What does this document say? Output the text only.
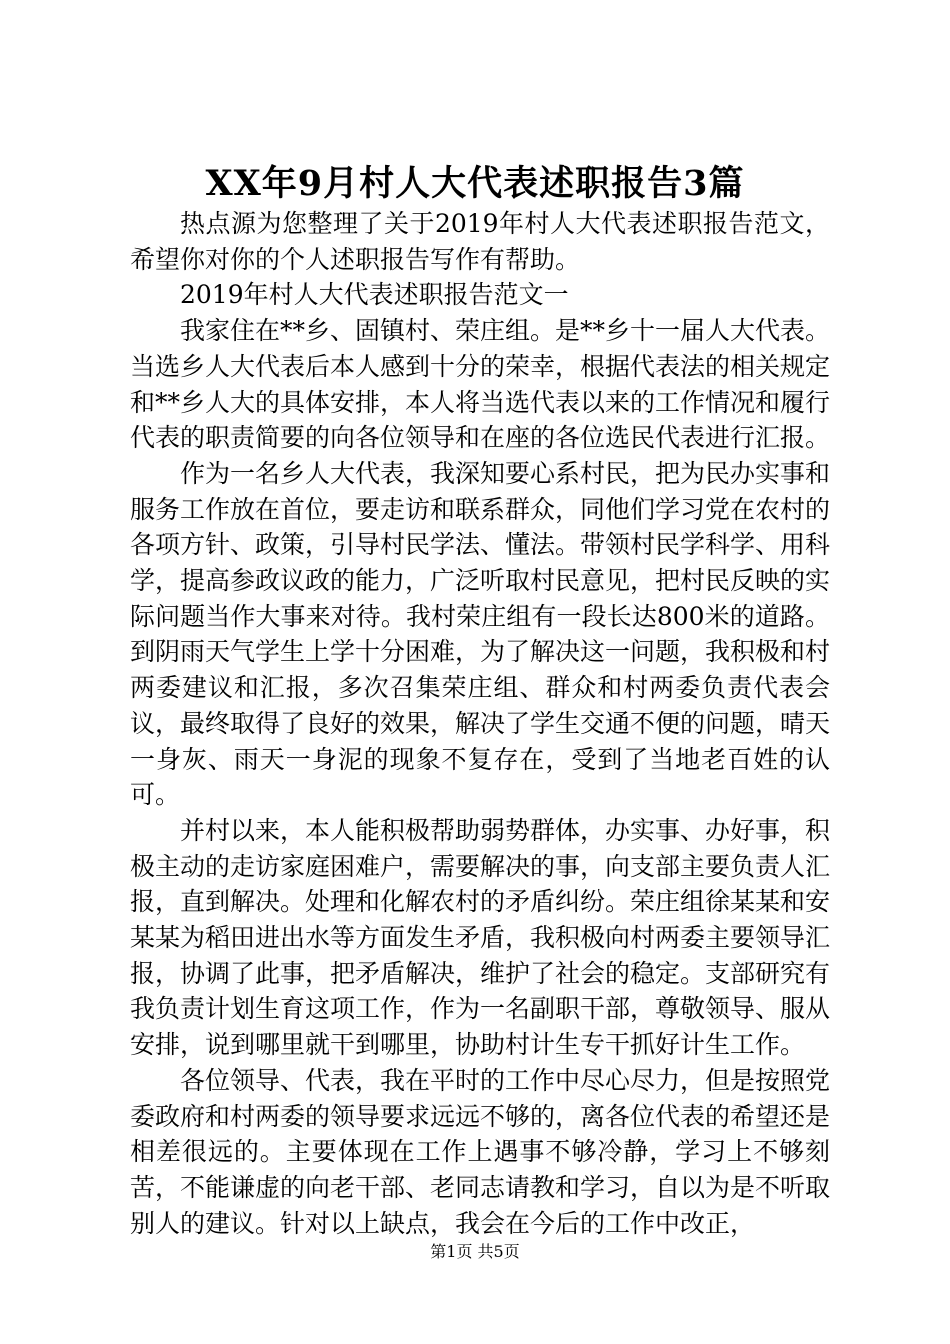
XX年9月村人大代表述职报告3篇

热点源为您整理了关于2019年村人大代表述职报告范文，希望你对你的个人述职报告写作有帮助。

2019年村人大代表述职报告范文一

我家住在**乡、固镇村、荣庄组。是**乡十一届人大代表。当选乡人大代表后本人感到十分的荣幸，根据代表法的相关规定和**乡人大的具体安排，本人将当选代表以来的工作情况和履行代表的职责简要的向各位领导和在座的各位选民代表进行汇报。

作为一名乡人大代表，我深知要心系村民，把为民办实事和服务工作放在首位，要走访和联系群众，同他们学习党在农村的各项方针、政策，引导村民学法、懂法。带领村民学科学、用科学，提高参政议政的能力，广泛听取村民意见，把村民反映的实际问题当作大事来对待。我村荣庄组有一段长达800米的道路。到阴雨天气学生上学十分困难，为了解决这一问题，我积极和村两委建议和汇报，多次召集荣庄组、群众和村两委负责代表会议，最终取得了良好的效果，解决了学生交通不便的问题，晴天一身灰、雨天一身泥的现象不复存在，受到了当地老百姓的认可。

并村以来，本人能积极帮助弱势群体，办实事、办好事，积极主动的走访家庭困难户，需要解决的事，向支部主要负责人汇报，直到解决。处理和化解农村的矛盾纠纷。荣庄组徐某某和安某某为稻田进出水等方面发生矛盾，我积极向村两委主要领导汇报，协调了此事，把矛盾解决，维护了社会的稳定。支部研究有我负责计划生育这项工作，作为一名副职干部，尊敬领导、服从安排，说到哪里就干到哪里，协助村计生专干抓好计生工作。

各位领导、代表，我在平时的工作中尽心尽力，但是按照党委政府和村两委的领导要求远远不够的，离各位代表的希望还是相差很远的。主要体现在工作上遇事不够冷静，学习上不够刻苦，不能谦虚的向老干部、老同志请教和学习，自以为是不听取别人的建议。针对以上缺点，我会在今后的工作中改正，

第1页 共5页
